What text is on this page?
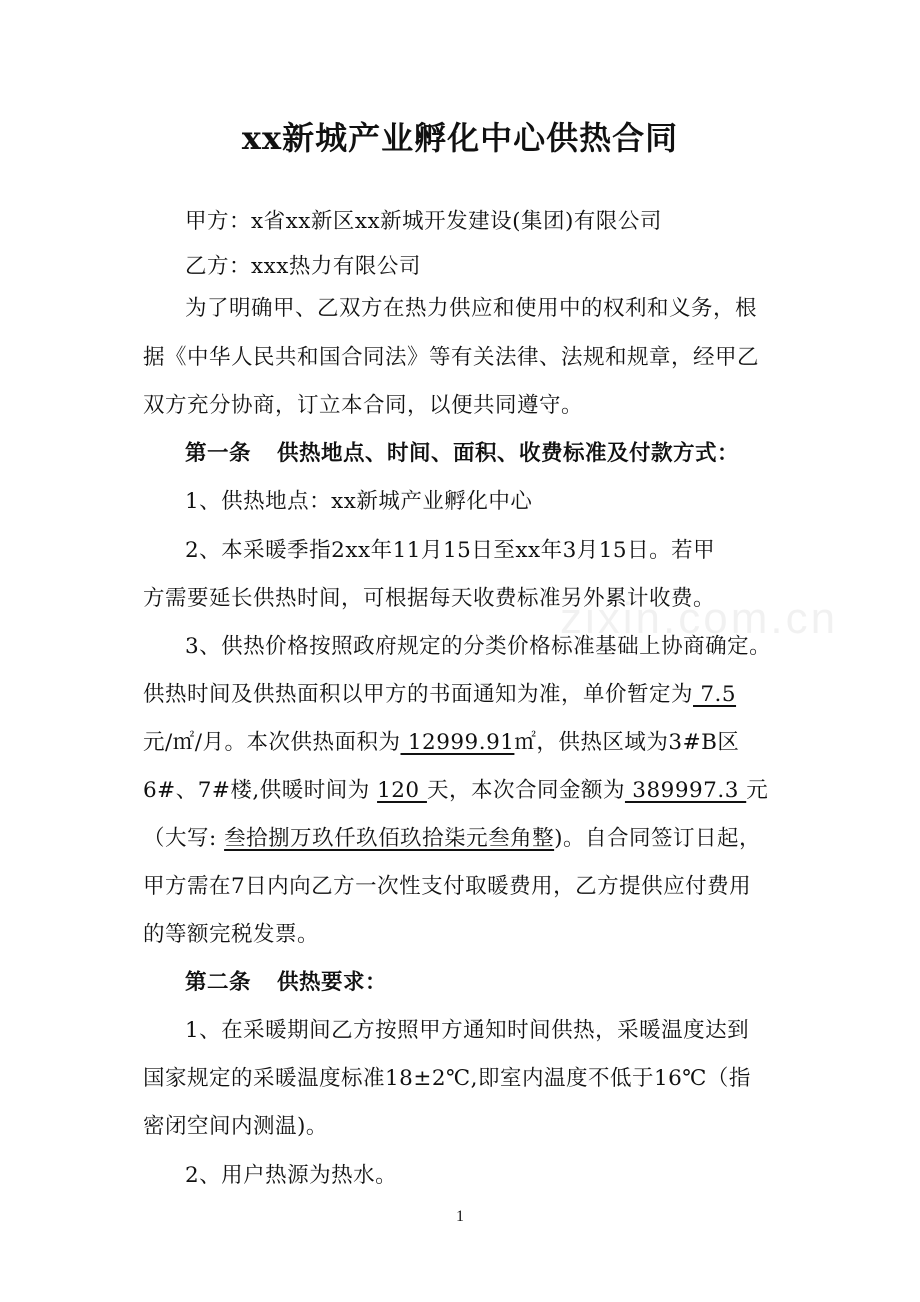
xx新城产业孵化中心供热合同
甲方：x省xx新区xx新城开发建设(集团)有限公司
乙方：xxx热力有限公司
为了明确甲、乙双方在热力供应和使用中的权利和义务，根
据《中华人民共和国合同法》等有关法律、法规和规章，经甲乙
双方充分协商，订立本合同，以便共同遵守。
第一条 供热地点、时间、面积、收费标准及付款方式：
1、供热地点：xx新城产业孵化中心
2、本采暖季指2xx年11月15日至xx年3月15日。若甲
方需要延长供热时间，可根据每天收费标准另外累计收费。
3、供热价格按照政府规定的分类价格标准基础上协商确定。
供热时间及供热面积以甲方的书面通知为准，单价暂定为 7.5
元/㎡/月。本次供热面积为 12999.91㎡，供热区域为3#B区
6#、7#楼,供暖时间为 120 天，本次合同金额为 389997.3 元
（大写: 叁拾捌万玖仟玖佰玖拾柒元叁角整)。自合同签订日起，
甲方需在7日内向乙方一次性支付取暖费用，乙方提供应付费用
的等额完税发票。
第二条 供热要求：
1、在采暖期间乙方按照甲方通知时间供热，采暖温度达到
国家规定的采暖温度标准18±2℃,即室内温度不低于16℃（指
密闭空间内测温)。
2、用户热源为热水。
zixin.com.cn
1
